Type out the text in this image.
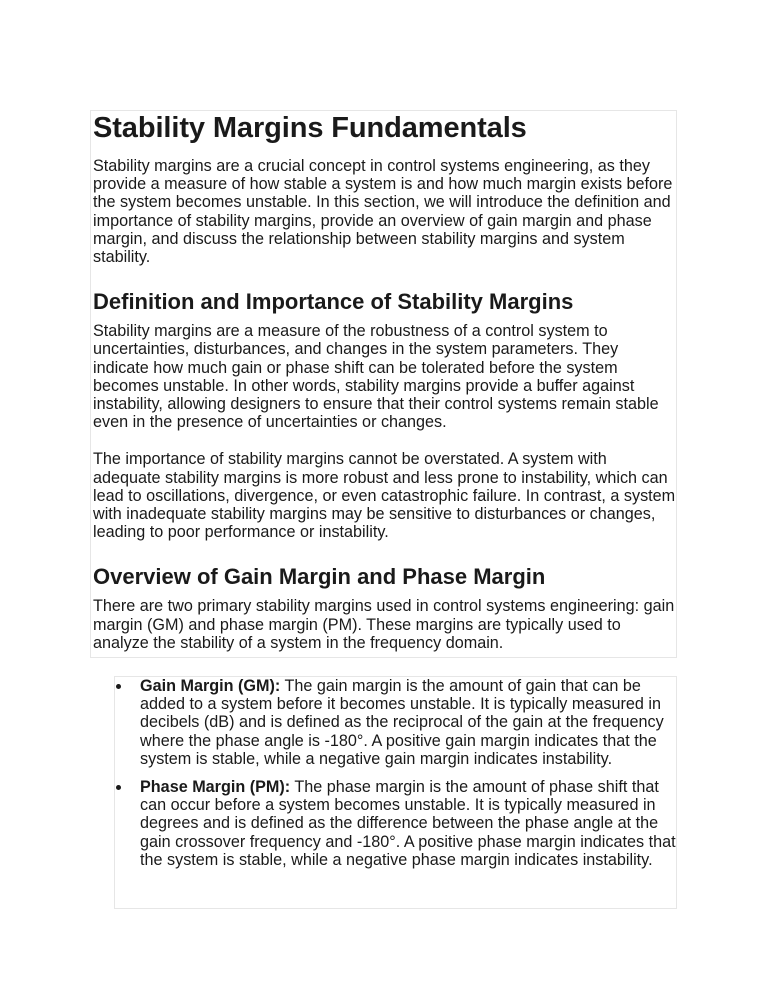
Stability Margins Fundamentals

Stability margins are a crucial concept in control systems engineering, as they provide a measure of how stable a system is and how much margin exists before the system becomes unstable. In this section, we will introduce the definition and importance of stability margins, provide an overview of gain margin and phase margin, and discuss the relationship between stability margins and system stability.

Definition and Importance of Stability Margins

Stability margins are a measure of the robustness of a control system to uncertainties, disturbances, and changes in the system parameters. They indicate how much gain or phase shift can be tolerated before the system becomes unstable. In other words, stability margins provide a buffer against instability, allowing designers to ensure that their control systems remain stable even in the presence of uncertainties or changes.

The importance of stability margins cannot be overstated. A system with adequate stability margins is more robust and less prone to instability, which can lead to oscillations, divergence, or even catastrophic failure. In contrast, a system with inadequate stability margins may be sensitive to disturbances or changes, leading to poor performance or instability.

Overview of Gain Margin and Phase Margin

There are two primary stability margins used in control systems engineering: gain margin (GM) and phase margin (PM). These margins are typically used to analyze the stability of a system in the frequency domain.

Gain Margin (GM): The gain margin is the amount of gain that can be added to a system before it becomes unstable. It is typically measured in decibels (dB) and is defined as the reciprocal of the gain at the frequency where the phase angle is -180°. A positive gain margin indicates that the system is stable, while a negative gain margin indicates instability.
Phase Margin (PM): The phase margin is the amount of phase shift that can occur before a system becomes unstable. It is typically measured in degrees and is defined as the difference between the phase angle at the gain crossover frequency and -180°. A positive phase margin indicates that the system is stable, while a negative phase margin indicates instability.
